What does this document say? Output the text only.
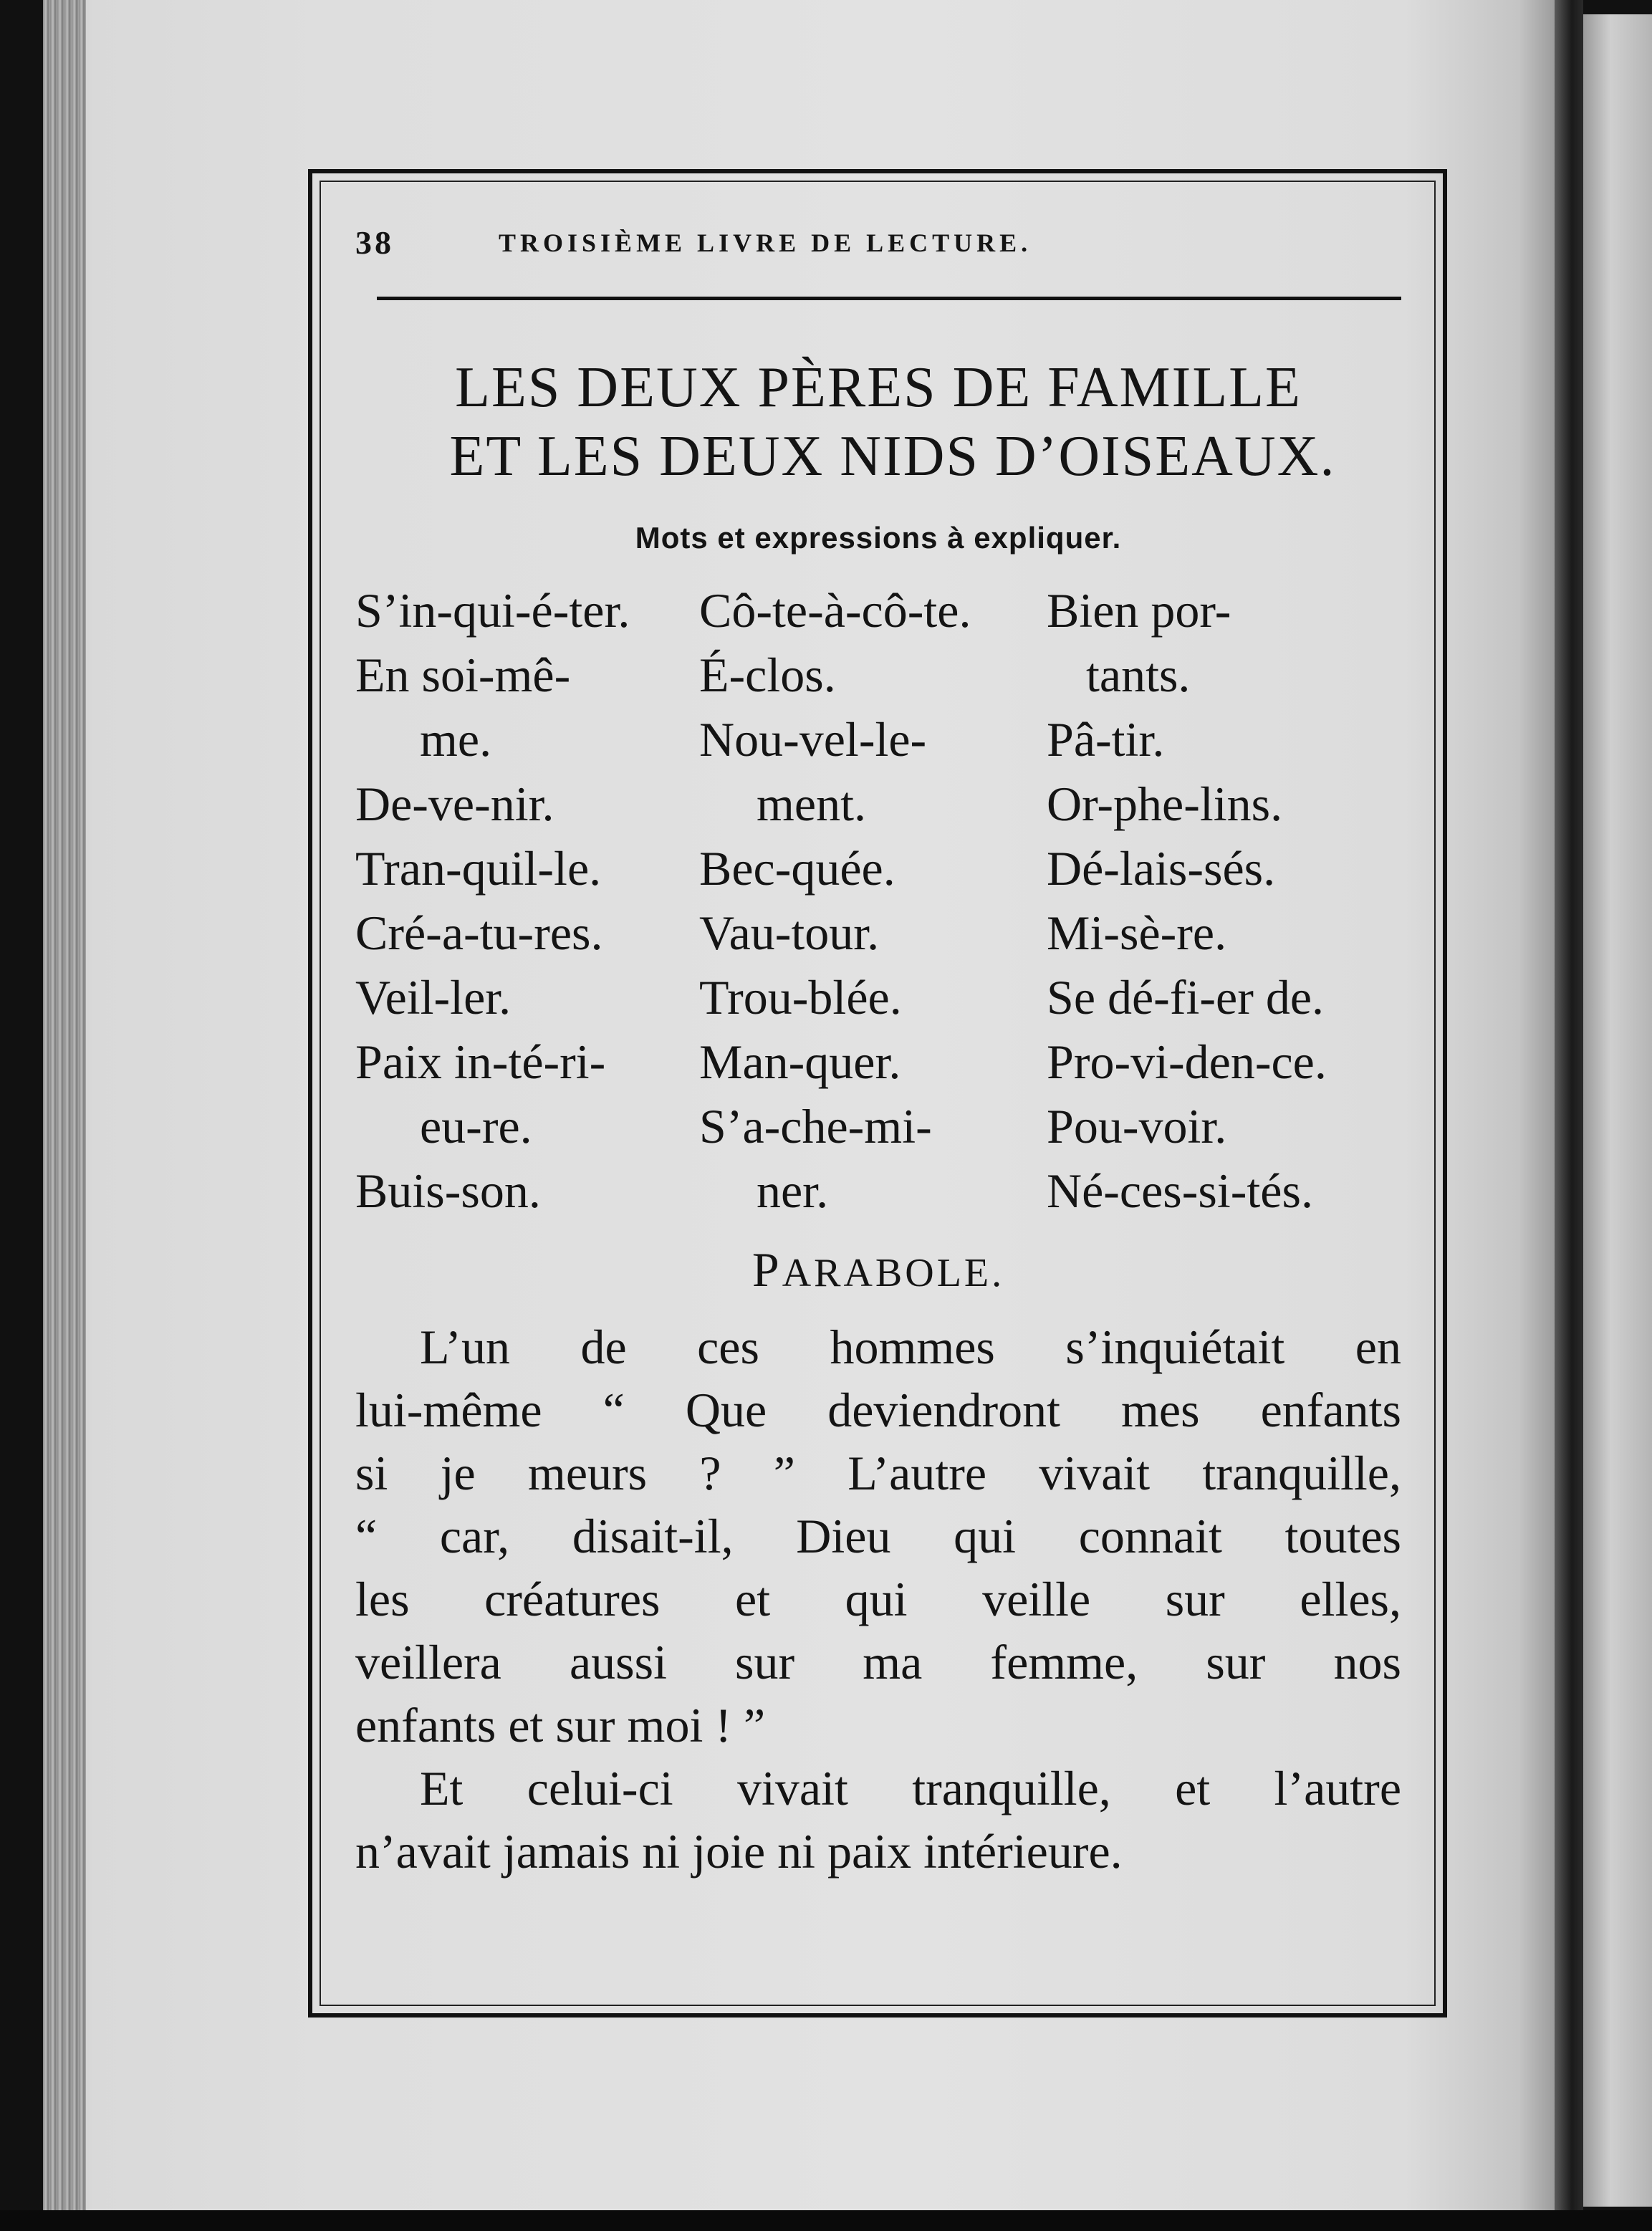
38	TROISIÈME LIVRE DE LECTURE.
LES DEUX PÈRES DE FAMILLE
ET LES DEUX NIDS D’OISEAUX.
Mots et expressions à expliquer.
S’in-qui-é-ter.
En soi-mê-
me.
De-ve-nir.
Tran-quil-le.
Cré-a-tu-res.
Veil-ler.
Paix in-té-ri-
eu-re.
Buis-son.
Cô-te-à-cô-te.
É-clos.
Nou-vel-le-
ment.
Bec-quée.
Vau-tour.
Trou-blée.
Man-quer.
S’a-che-mi-
ner.
Bien por-
tants.
Pâ-tir.
Or-phe-lins.
Dé-lais-sés.
Mi-sè-re.
Se dé-fi-er de.
Pro-vi-den-ce.
Pou-voir.
Né-ces-si-tés.
PARABOLE.
L’un de ces hommes s’inquiétait en
lui-même “ Que deviendront mes enfants
si je meurs ? ” L’autre vivait tranquille,
“ car, disait-il, Dieu qui connait toutes
les créatures et qui veille sur elles,
veillera aussi sur ma femme, sur nos
enfants et sur moi ! ”
Et celui-ci vivait tranquille, et l’autre
n’avait jamais ni joie ni paix intérieure.
